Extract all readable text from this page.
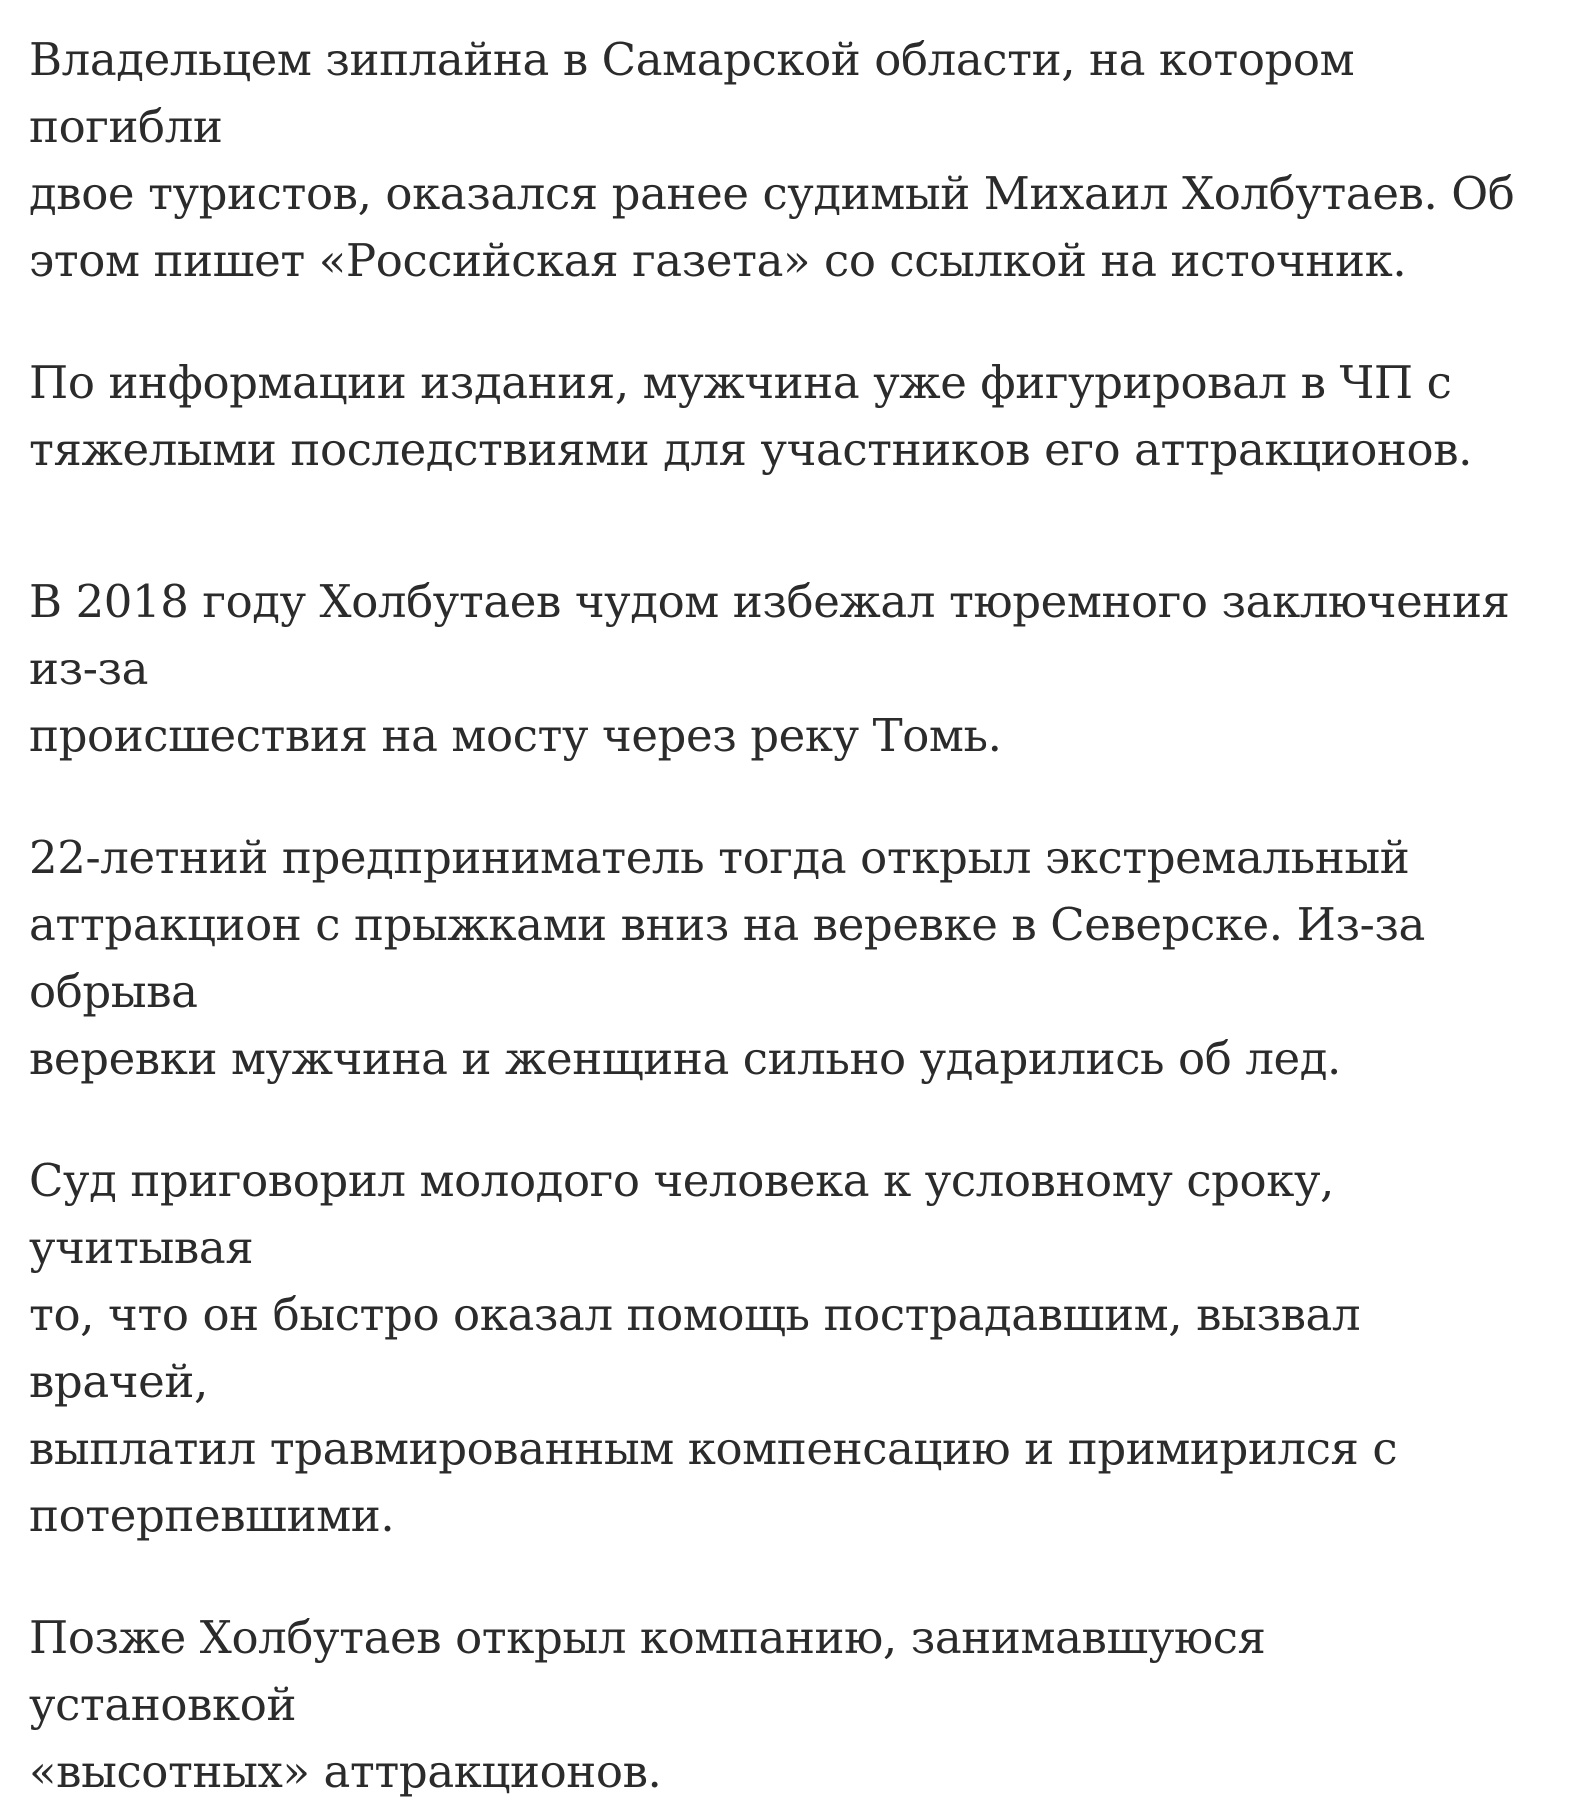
Владельцем зиплайна в Самарской области, на котором погибли
двое туристов, оказался ранее судимый Михаил Холбутаев. Об
этом пишет «Российская газета» со ссылкой на источник.

По информации издания, мужчина уже фигурировал в ЧП с
тяжелыми последствиями для участников его аттракционов.

В 2018 году Холбутаев чудом избежал тюремного заключения из-за
происшествия на мосту через реку Томь.

22-летний предприниматель тогда открыл экстремальный
аттракцион с прыжками вниз на веревке в Северске. Из-за обрыва
веревки мужчина и женщина сильно ударились об лед.

Суд приговорил молодого человека к условному сроку, учитывая
то, что он быстро оказал помощь пострадавшим, вызвал врачей,
выплатил травмированным компенсацию и примирился с
потерпевшими.

Позже Холбутаев открыл компанию, занимавшуюся установкой
«высотных» аттракционов.
